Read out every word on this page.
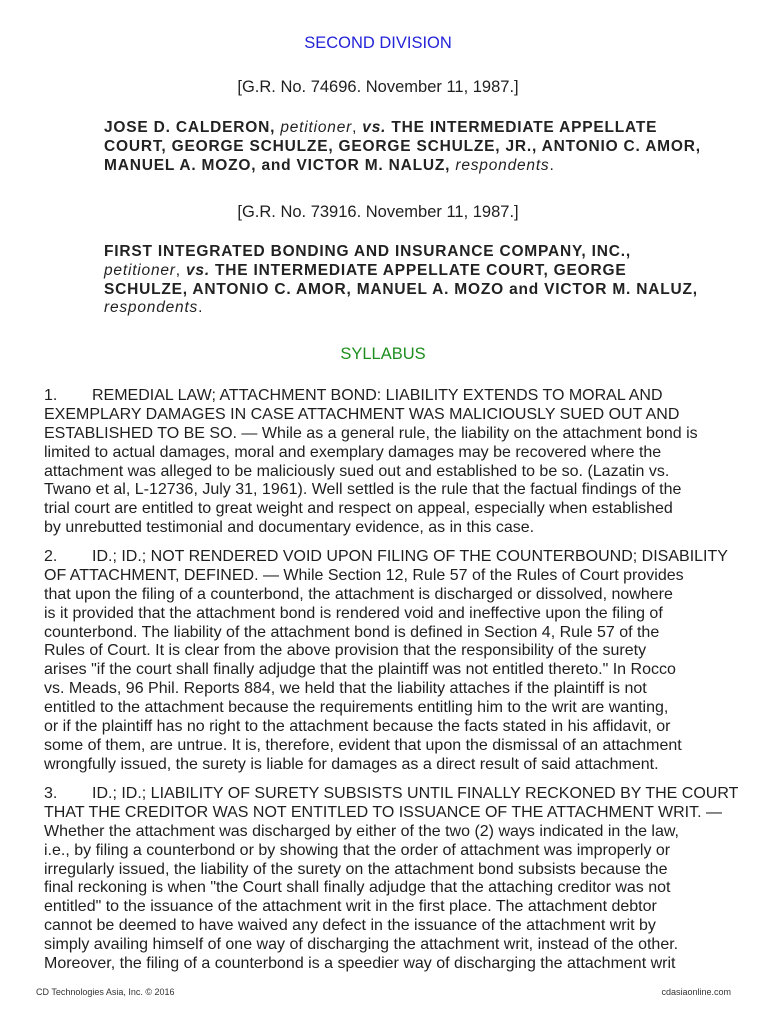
SECOND DIVISION
[G.R. No. 74696. November 11, 1987.]
JOSE D. CALDERON, petitioner, vs. THE INTERMEDIATE APPELLATE
COURT, GEORGE SCHULZE, GEORGE SCHULZE, JR., ANTONIO C. AMOR,
MANUEL A. MOZO, and VICTOR M. NALUZ, respondents.
[G.R. No. 73916. November 11, 1987.]
FIRST INTEGRATED BONDING AND INSURANCE COMPANY, INC.,
petitioner, vs. THE INTERMEDIATE APPELLATE COURT, GEORGE
SCHULZE, ANTONIO C. AMOR, MANUEL A. MOZO and VICTOR M. NALUZ,
respondents.
SYLLABUS
1. REMEDIAL LAW; ATTACHMENT BOND: LIABILITY EXTENDS TO MORAL AND
EXEMPLARY DAMAGES IN CASE ATTACHMENT WAS MALICIOUSLY SUED OUT AND
ESTABLISHED TO BE SO. — While as a general rule, the liability on the attachment bond is
limited to actual damages, moral and exemplary damages may be recovered where the
attachment was alleged to be maliciously sued out and established to be so. (Lazatin vs.
Twano et al, L-12736, July 31, 1961). Well settled is the rule that the factual findings of the
trial court are entitled to great weight and respect on appeal, especially when established
by unrebutted testimonial and documentary evidence, as in this case.
2. ID.; ID.; NOT RENDERED VOID UPON FILING OF THE COUNTERBOUND; DISABILITY
OF ATTACHMENT, DEFINED. — While Section 12, Rule 57 of the Rules of Court provides
that upon the filing of a counterbond, the attachment is discharged or dissolved, nowhere
is it provided that the attachment bond is rendered void and ineffective upon the filing of
counterbond. The liability of the attachment bond is defined in Section 4, Rule 57 of the
Rules of Court. It is clear from the above provision that the responsibility of the surety
arises "if the court shall finally adjudge that the plaintiff was not entitled thereto." In Rocco
vs. Meads, 96 Phil. Reports 884, we held that the liability attaches if the plaintiff is not
entitled to the attachment because the requirements entitling him to the writ are wanting,
or if the plaintiff has no right to the attachment because the facts stated in his affidavit, or
some of them, are untrue. It is, therefore, evident that upon the dismissal of an attachment
wrongfully issued, the surety is liable for damages as a direct result of said attachment.
3. ID.; ID.; LIABILITY OF SURETY SUBSISTS UNTIL FINALLY RECKONED BY THE COURT
THAT THE CREDITOR WAS NOT ENTITLED TO ISSUANCE OF THE ATTACHMENT WRIT. —
Whether the attachment was discharged by either of the two (2) ways indicated in the law,
i.e., by filing a counterbond or by showing that the order of attachment was improperly or
irregularly issued, the liability of the surety on the attachment bond subsists because the
final reckoning is when "the Court shall finally adjudge that the attaching creditor was not
entitled" to the issuance of the attachment writ in the first place. The attachment debtor
cannot be deemed to have waived any defect in the issuance of the attachment writ by
simply availing himself of one way of discharging the attachment writ, instead of the other.
Moreover, the filing of a counterbond is a speedier way of discharging the attachment writ
CD Technologies Asia, Inc. © 2016	cdasiaonline.com
